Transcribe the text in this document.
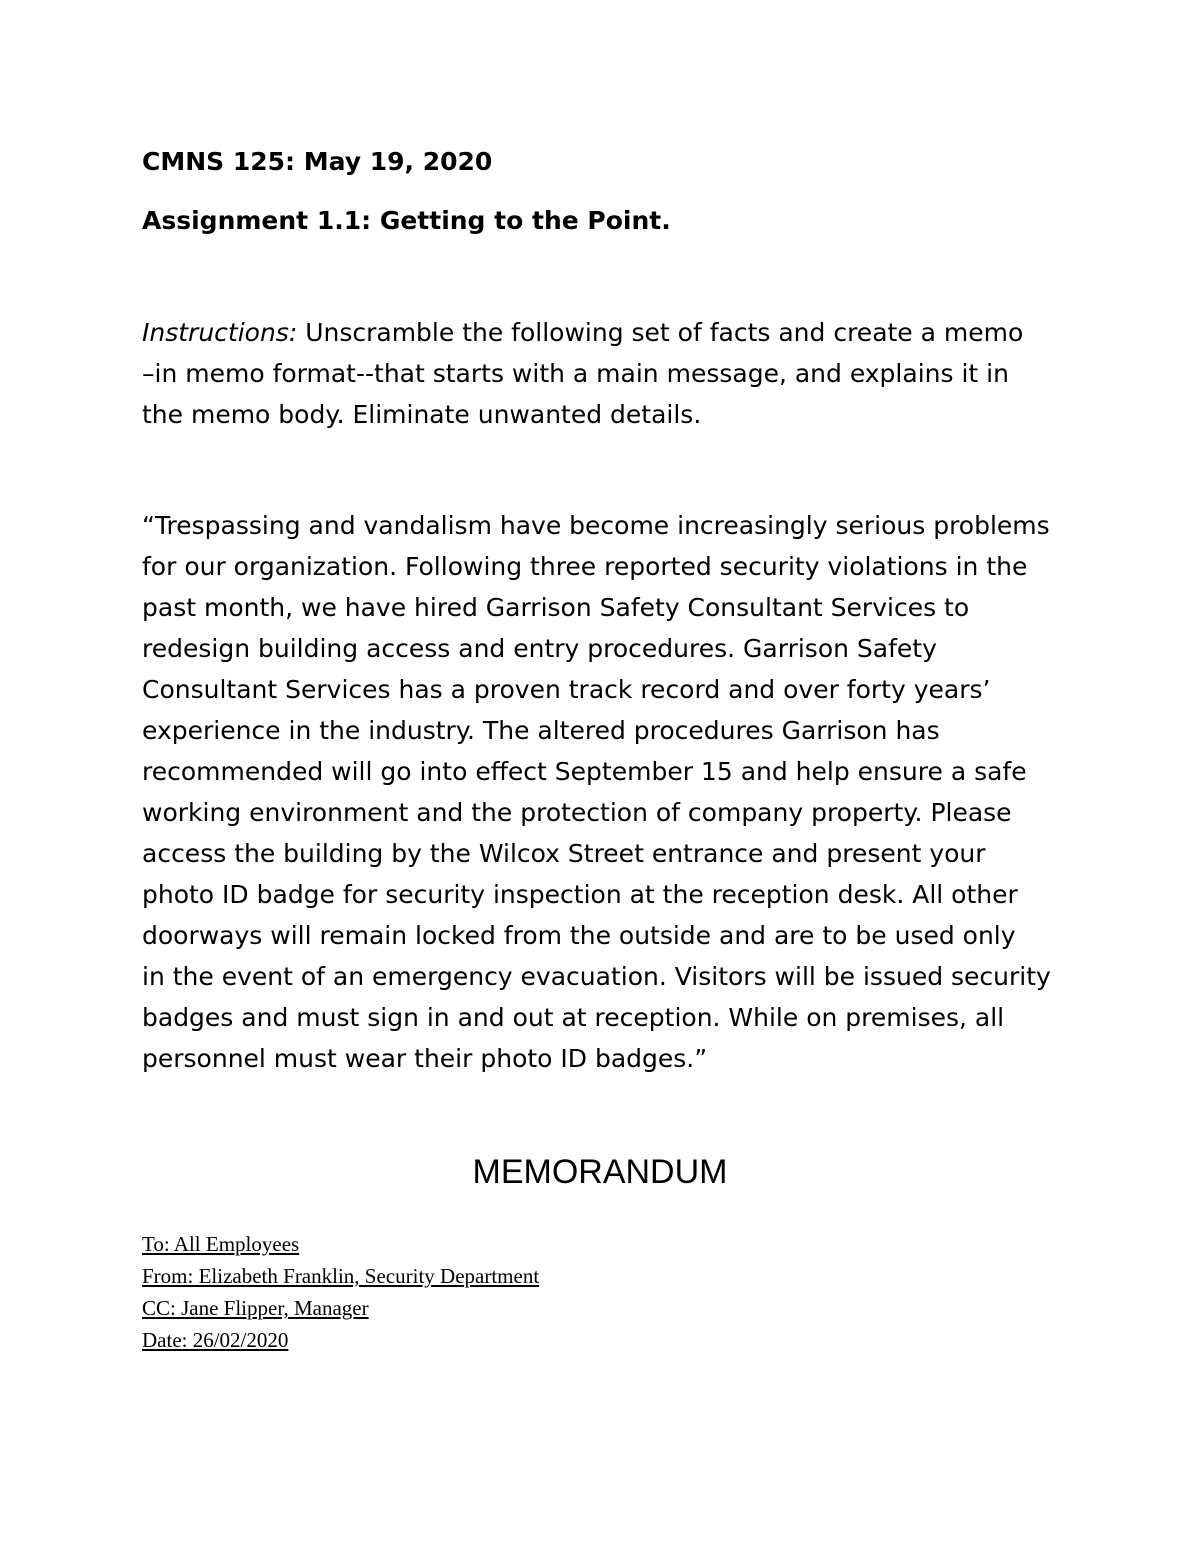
CMNS 125: May 19, 2020
Assignment 1.1: Getting to the Point.
Instructions: Unscramble the following set of facts and create a memo
–in memo format--that starts with a main message, and explains it in
the memo body. Eliminate unwanted details.
“Trespassing and vandalism have become increasingly serious problems
for our organization. Following three reported security violations in the
past month, we have hired Garrison Safety Consultant Services to
redesign building access and entry procedures. Garrison Safety
Consultant Services has a proven track record and over forty years’
experience in the industry. The altered procedures Garrison has
recommended will go into effect September 15 and help ensure a safe
working environment and the protection of company property. Please
access the building by the Wilcox Street entrance and present your
photo ID badge for security inspection at the reception desk. All other
doorways will remain locked from the outside and are to be used only
in the event of an emergency evacuation. Visitors will be issued security
badges and must sign in and out at reception. While on premises, all
personnel must wear their photo ID badges.”
MEMORANDUM
To: All Employees
From: Elizabeth Franklin, Security Department
CC: Jane Flipper, Manager
Date: 26/02/2020
